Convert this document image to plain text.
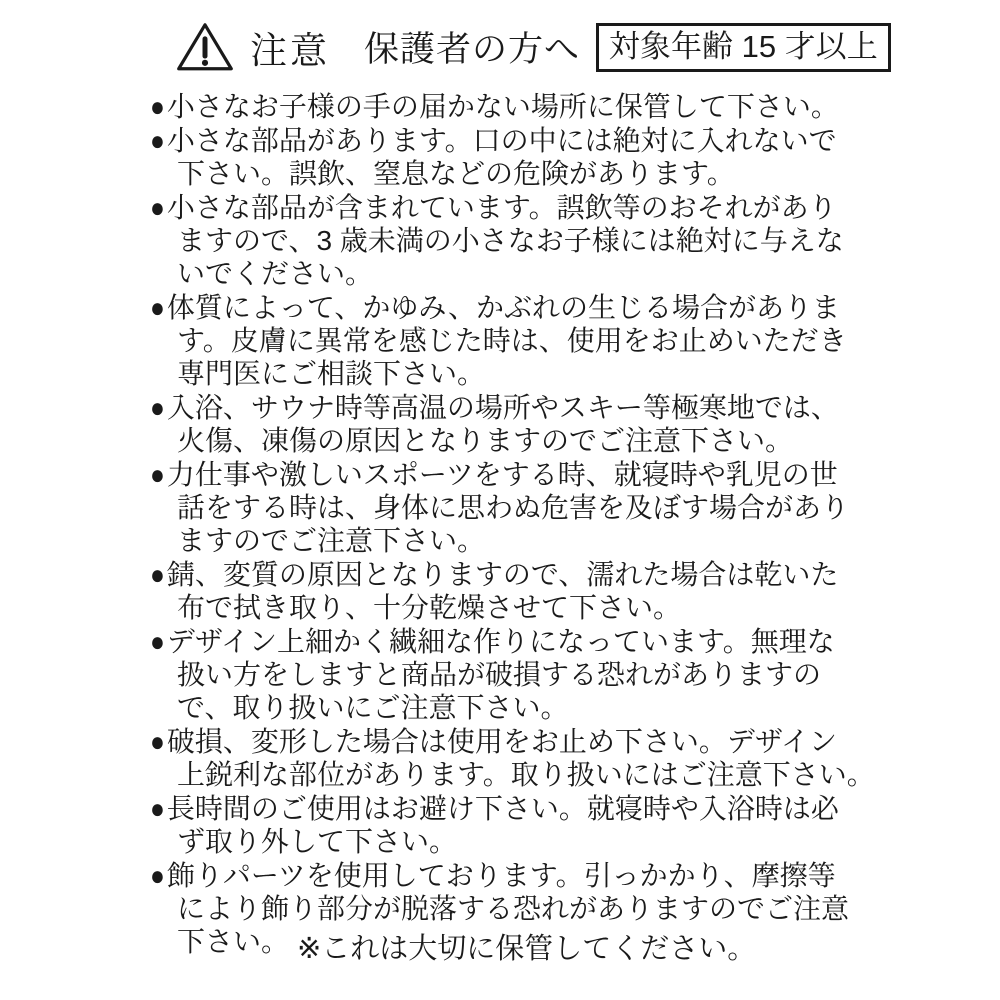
注意 保護者の方へ 対象年齢 15 才以上
●小さなお子様の手の届かない場所に保管して下さい。
●小さな部品があります。口の中には絶対に入れないで
下さい。誤飲、窒息などの危険があります。
●小さな部品が含まれています。誤飲等のおそれがあり
ますので、3 歳未満の小さなお子様には絶対に与えな
いでください。
●体質によって、かゆみ、かぶれの生じる場合がありま
す。皮膚に異常を感じた時は、使用をお止めいただき
専門医にご相談下さい。
●入浴、サウナ時等高温の場所やスキー等極寒地では、
火傷、凍傷の原因となりますのでご注意下さい。
●力仕事や激しいスポーツをする時、就寝時や乳児の世
話をする時は、身体に思わぬ危害を及ぼす場合があり
ますのでご注意下さい。
●錆、変質の原因となりますので、濡れた場合は乾いた
布で拭き取り、十分乾燥させて下さい。
●デザイン上細かく繊細な作りになっています。無理な
扱い方をしますと商品が破損する恐れがありますの
で、取り扱いにご注意下さい。
●破損、変形した場合は使用をお止め下さい。デザイン
上鋭利な部位があります。取り扱いにはご注意下さい。
●長時間のご使用はお避け下さい。就寝時や入浴時は必
ず取り外して下さい。
●飾りパーツを使用しております。引っかかり、摩擦等
により飾り部分が脱落する恐れがありますのでご注意
下さい。 ※これは大切に保管してください。
